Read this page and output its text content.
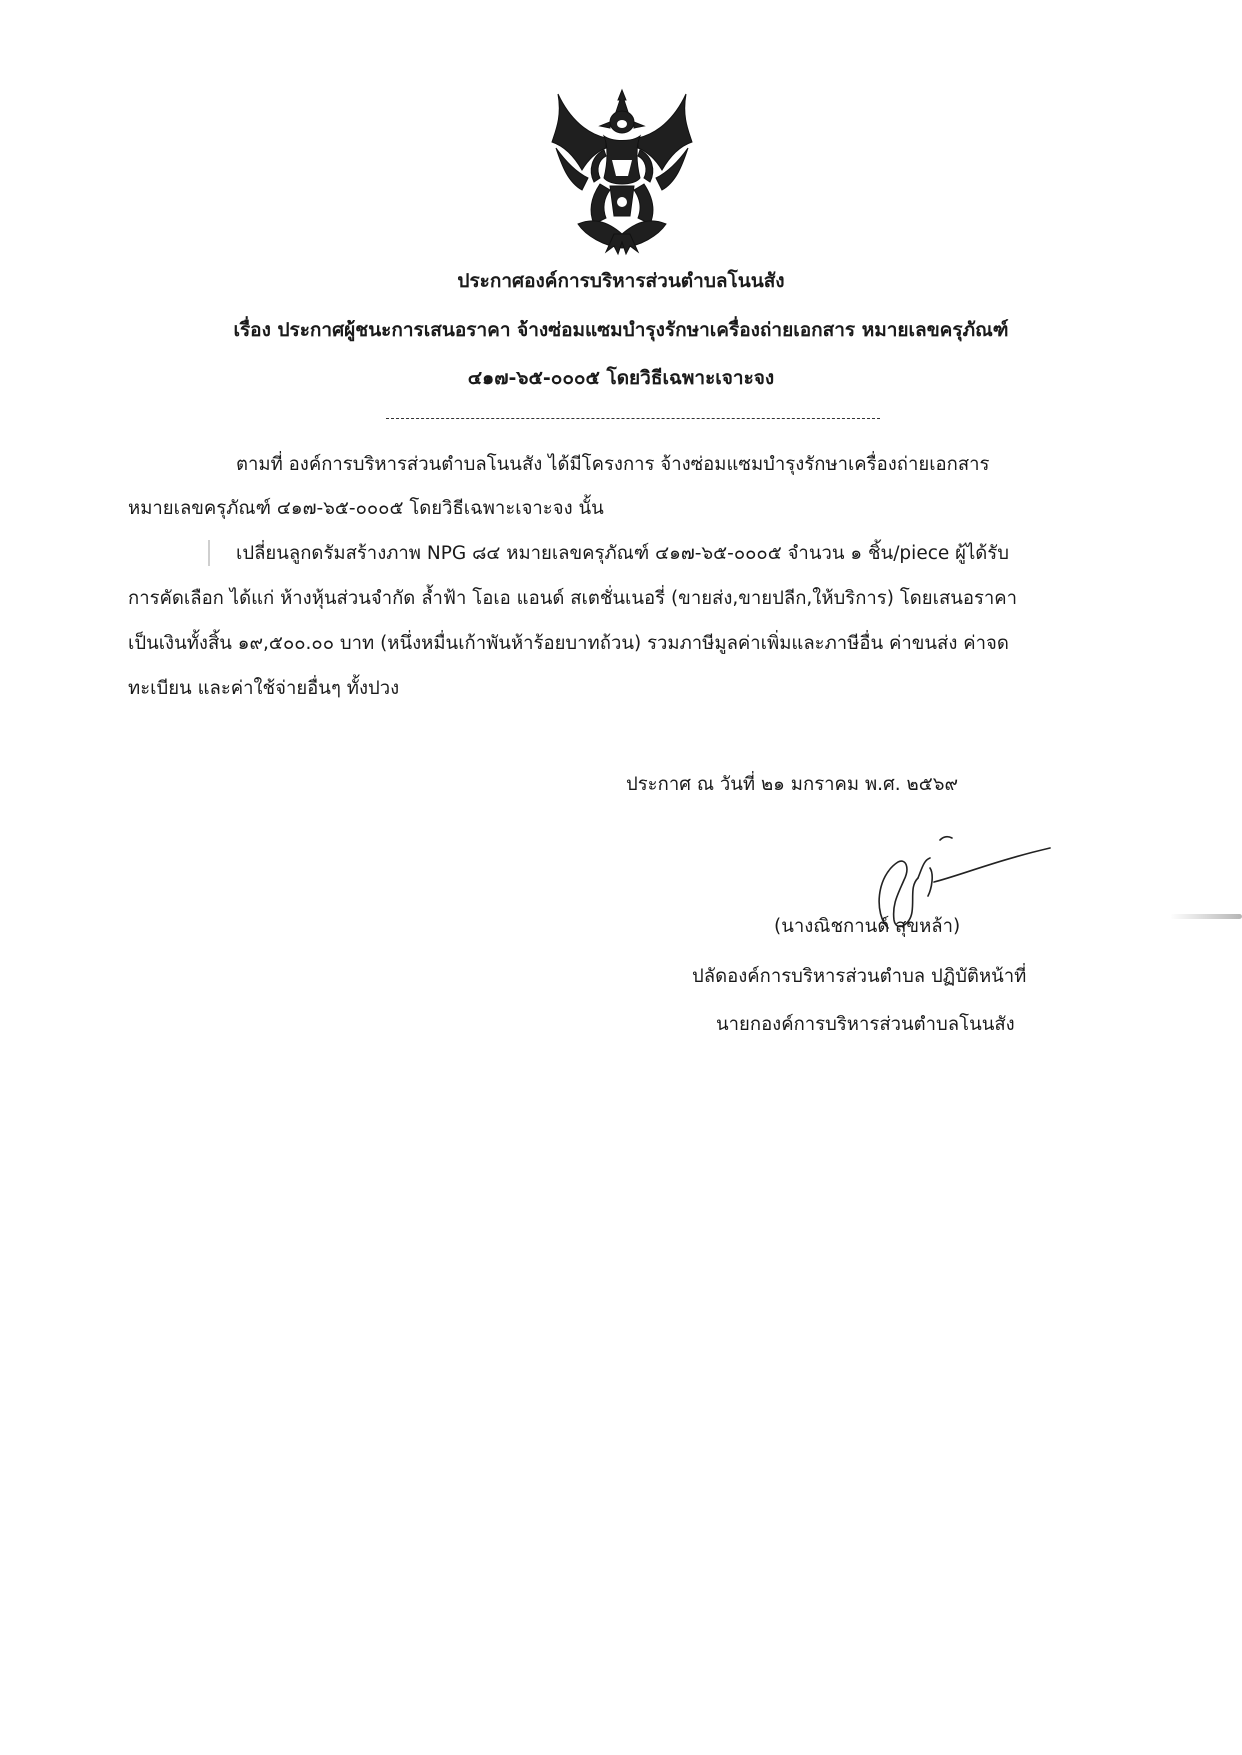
ประกาศองค์การบริหารส่วนตำบลโนนสัง
เรื่อง ประกาศผู้ชนะการเสนอราคา จ้างซ่อมแซมบำรุงรักษาเครื่องถ่ายเอกสาร หมายเลขครุภัณฑ์
๔๑๗-๖๕-๐๐๐๕ โดยวิธีเฉพาะเจาะจง
ตามที่ องค์การบริหารส่วนตำบลโนนสัง ได้มีโครงการ จ้างซ่อมแซมบำรุงรักษาเครื่องถ่ายเอกสาร
หมายเลขครุภัณฑ์ ๔๑๗-๖๕-๐๐๐๕ โดยวิธีเฉพาะเจาะจง นั้น
เปลี่ยนลูกดรัมสร้างภาพ NPG ๘๔ หมายเลขครุภัณฑ์ ๔๑๗-๖๕-๐๐๐๕ จำนวน ๑ ชิ้น/piece ผู้ได้รับ
การคัดเลือก ได้แก่ ห้างหุ้นส่วนจำกัด ล้ำฟ้า โอเอ แอนด์ สเตชั่นเนอรี่ (ขายส่ง,ขายปลีก,ให้บริการ) โดยเสนอราคา
เป็นเงินทั้งสิ้น ๑๙,๕๐๐.๐๐ บาท (หนึ่งหมื่นเก้าพันห้าร้อยบาทถ้วน) รวมภาษีมูลค่าเพิ่มและภาษีอื่น ค่าขนส่ง ค่าจด
ทะเบียน และค่าใช้จ่ายอื่นๆ ทั้งปวง
ประกาศ ณ วันที่ ๒๑ มกราคม พ.ศ. ๒๕๖๙
(นางณิชกานต์ สุขหล้า)
ปลัดองค์การบริหารส่วนตำบล ปฏิบัติหน้าที่
นายกองค์การบริหารส่วนตำบลโนนสัง
